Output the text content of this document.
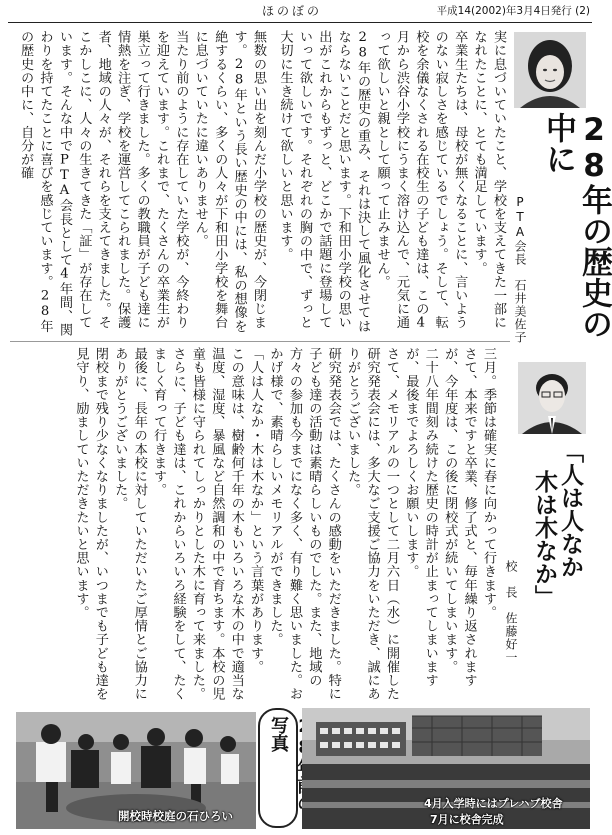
ほのぼの	平成14(2002)年3月4日発行 (2)
28年の歴史の中に
PTA会長　石井美佐子

実に息づいていたこと、学校を支えてきた一部になれたことに、とても満足しています。

卒業生たちは、母校が無くなることに、言いようのない寂しさを感じているでしょう。そして、転校を余儀なくされる在校生の子ども達は、この4月から渋谷小学校にうまく溶け込んで、元気に通って欲しいと親として願って止みません。

28年の歴史の重み、それは決して風化させてはならないことだと思います。下和田小学校の思い出がこれからもずっと、どこかで話題に登場していって欲しいです。それぞれの胸の中で、ずっと大切に生き続けて欲しいと思います。

無数の思い出を刻んだ小学校の歴史が、今閉じます。28年という長い歴史の中には、私の想像を絶するくらい、多くの人々が下和田小学校を舞台に息づいていたに違いありません。

当たり前のように存在していた学校が、今終わりを迎えています。これまで、たくさんの卒業生が巣立って行きました。多くの教職員が子ども達に情熱を注ぎ、学校を運営してこられました。保護者、地域の人々が、それらを支えてきました。そこかしこに、人々の生きてきた「証」が存在しています。そんな中でPTA会長として4年間、関わりを持てたことに喜びを感じています。28年の歴史の中に、自分が確

「人は人なか
木は木なか」
校　長　佐藤好一

三月。季節は確実に春に向かって行きます。

さて、本来ですと卒業、修了式と、毎年繰り返されますが、今年度は、この後に閉校式が続いてしまいます。

二十八年間刻み続けた歴史の時計が止まってしまいますが、最後までよろしくお願いします。

さて、メモリアルの一つとして二月六日（水）に開催した研究発表会には、多大なご支援ご協力をいただき、誠にありがとうございました。

研究発表会では、たくさんの感動をいただきました。特に子ども達の活動は素晴らしいものでした。また、地域の方々の参加も今までになく多く、有り難く思いました。お

かげ様で、素晴らしいメモリアルができました。

「人は人なか・木は木なか」という言葉があります。

この意味は、樹齢何千年の木もいろいろな木の中で適当な温度、湿度、暴風など自然調和の中で育ちます。本校の児童も皆様に守られてしっかりとした木に育って来ました。さらに、子ども達は、これからいろいろ経験をして、たくましく育って行きます。

最後に、長年の本校に対していただいたご厚情とご協力にありがとうございました。

閉校まで残り少なくなりましたが、いつまでも子ども達を見守り、励ましていただきたいと思います。

開校時校庭の石ひろい
写真
4月入学時にはプレハブ校舎
7月に校舎完成
